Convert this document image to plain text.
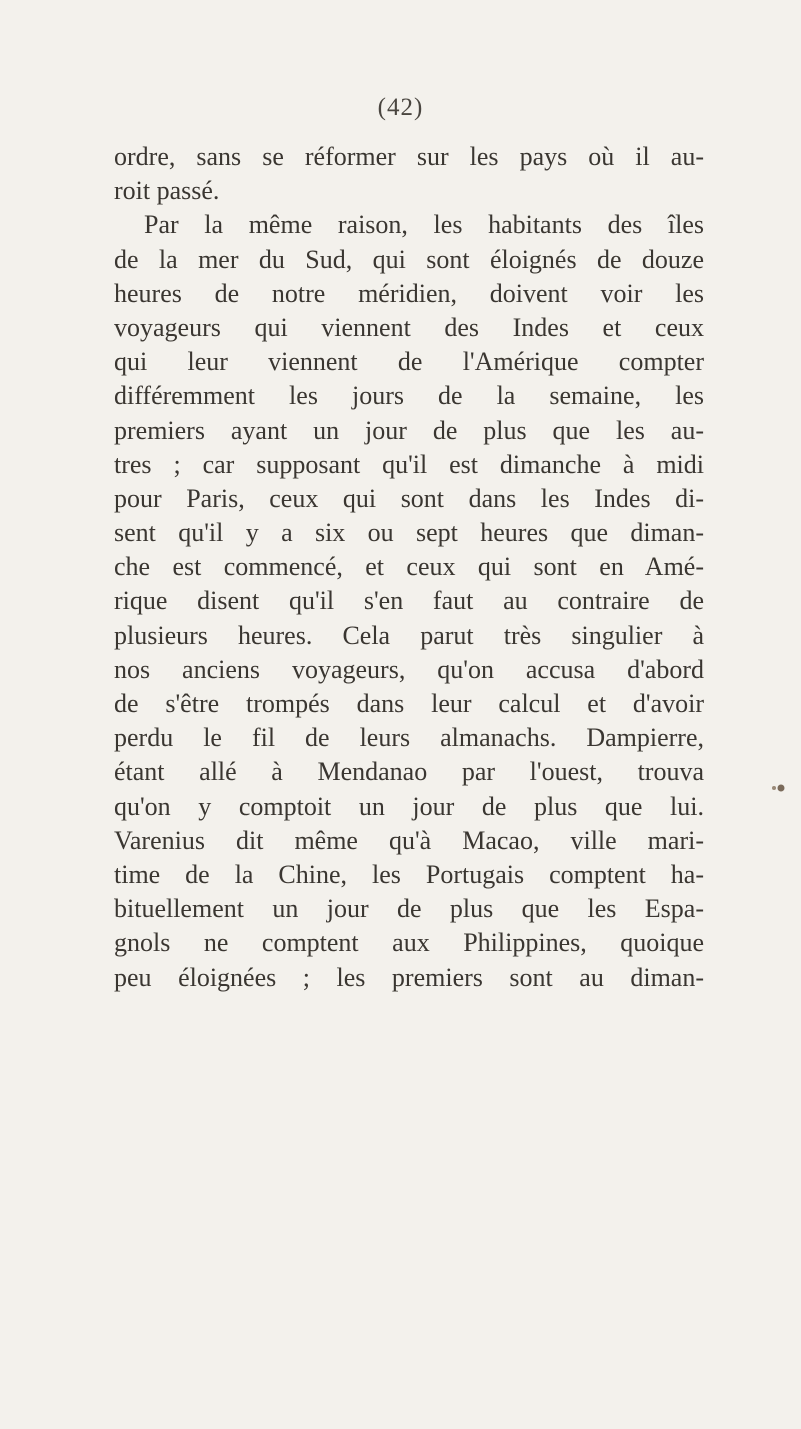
(42)
ordre, sans se réformer sur les pays où il au-
roit passé.
Par la même raison, les habitants des îles
de la mer du Sud, qui sont éloignés de douze
heures de notre méridien, doivent voir les
voyageurs qui viennent des Indes et ceux
qui leur viennent de l'Amérique compter
différemment les jours de la semaine, les
premiers ayant un jour de plus que les au-
tres ; car supposant qu'il est dimanche à midi
pour Paris, ceux qui sont dans les Indes di-
sent qu'il y a six ou sept heures que diman-
che est commencé, et ceux qui sont en Amé-
rique disent qu'il s'en faut au contraire de
plusieurs heures. Cela parut très singulier à
nos anciens voyageurs, qu'on accusa d'abord
de s'être trompés dans leur calcul et d'avoir
perdu le fil de leurs almanachs. Dampierre,
étant allé à Mendanao par l'ouest, trouva
qu'on y comptoit un jour de plus que lui.
Varenius dit même qu'à Macao, ville mari-
time de la Chine, les Portugais comptent ha-
bituellement un jour de plus que les Espa-
gnols ne comptent aux Philippines, quoique
peu éloignées ; les premiers sont au diman-
